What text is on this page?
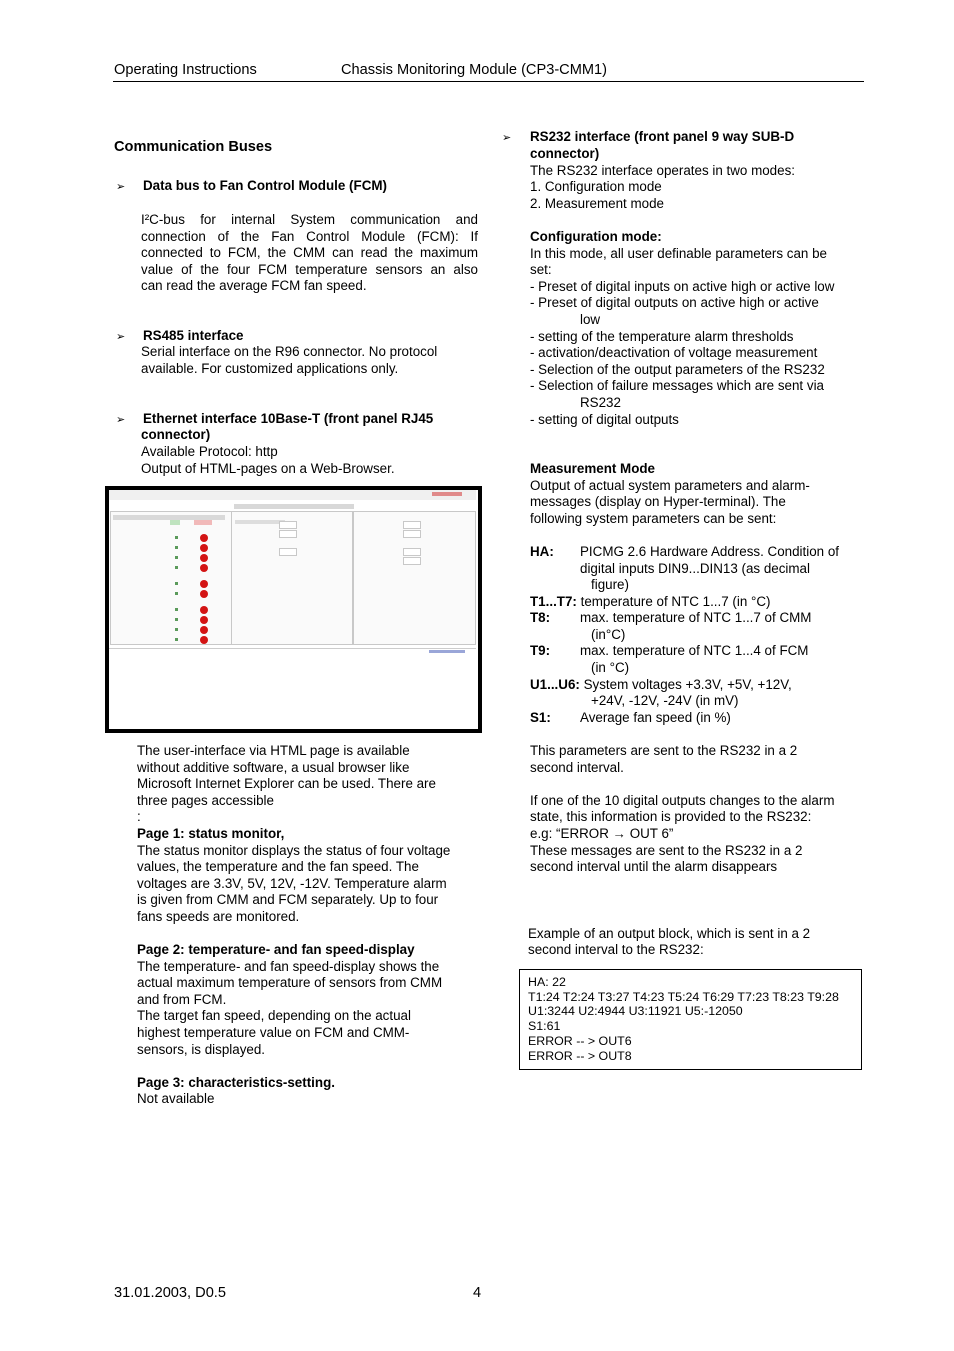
Operating Instructions	Chassis Monitoring Module (CP3-CMM1)
Communication Buses
➢ Data bus to Fan Control Module (FCM)
I²C-bus for internal System communication and
connection of the Fan Control Module (FCM): If
connected to FCM, the CMM can read the maximum
value of the four FCM temperature sensors an also
can read the average FCM fan speed.
➢ RS485 interface
Serial interface on the R96 connector. No protocol
available. For customized applications only.
➢ Ethernet interface 10Base-T (front panel RJ45
connector)
Available Protocol: http
Output of HTML-pages on a Web-Browser.
The user-interface via HTML page is available
without additive software, a usual browser like
Microsoft Internet Explorer can be used. There are
three pages accessible
:
Page 1: status monitor,
The status monitor displays the status of four voltage
values, the temperature and the fan speed. The
voltages are 3.3V, 5V, 12V, -12V. Temperature alarm
is given from CMM and FCM separately. Up to four
fans speeds are monitored.
Page 2: temperature- and fan speed-display
The temperature- and fan speed-display shows the
actual maximum temperature of sensors from CMM
and from FCM.
The target fan speed, depending on the actual
highest temperature value on FCM and CMM-
sensors, is displayed.
Page 3: characteristics-setting.
Not available
➢ RS232 interface (front panel 9 way SUB-D
connector)
The RS232 interface operates in two modes:
1. Configuration mode
2. Measurement mode
Configuration mode:
In this mode, all user definable parameters can be
set:
- Preset of digital inputs on active high or active low
- Preset of digital outputs on active high or active
low
- setting of the temperature alarm thresholds
- activation/deactivation of voltage measurement
- Selection of the output parameters of the RS232
- Selection of failure messages which are sent via
RS232
- setting of digital outputs
Measurement Mode
Output of actual system parameters and alarm-
messages (display on Hyper-terminal). The
following system parameters can be sent:
HA: PICMG 2.6 Hardware Address. Condition of
digital inputs DIN9...DIN13 (as decimal
figure)
T1...T7: temperature of NTC 1...7 (in °C)
T8: max. temperature of NTC 1...7 of CMM
(in°C)
T9: max. temperature of NTC 1...4 of FCM
(in °C)
U1...U6: System voltages +3.3V, +5V, +12V,
+24V, -12V, -24V (in mV)
S1: Average fan speed (in %)
This parameters are sent to the RS232 in a 2
second interval.
If one of the 10 digital outputs changes to the alarm
state, this information is provided to the RS232:
e.g: “ERROR → OUT 6”
These messages are sent to the RS232 in a 2
second interval until the alarm disappears
Example of an output block, which is sent in a 2
second interval to the RS232:
HA: 22
T1:24 T2:24 T3:27 T4:23 T5:24 T6:29 T7:23 T8:23 T9:28
U1:3244 U2:4944 U3:11921 U5:-12050
S1:61
ERROR -- > OUT6
ERROR -- > OUT8
31.01.2003, D0.5	4
